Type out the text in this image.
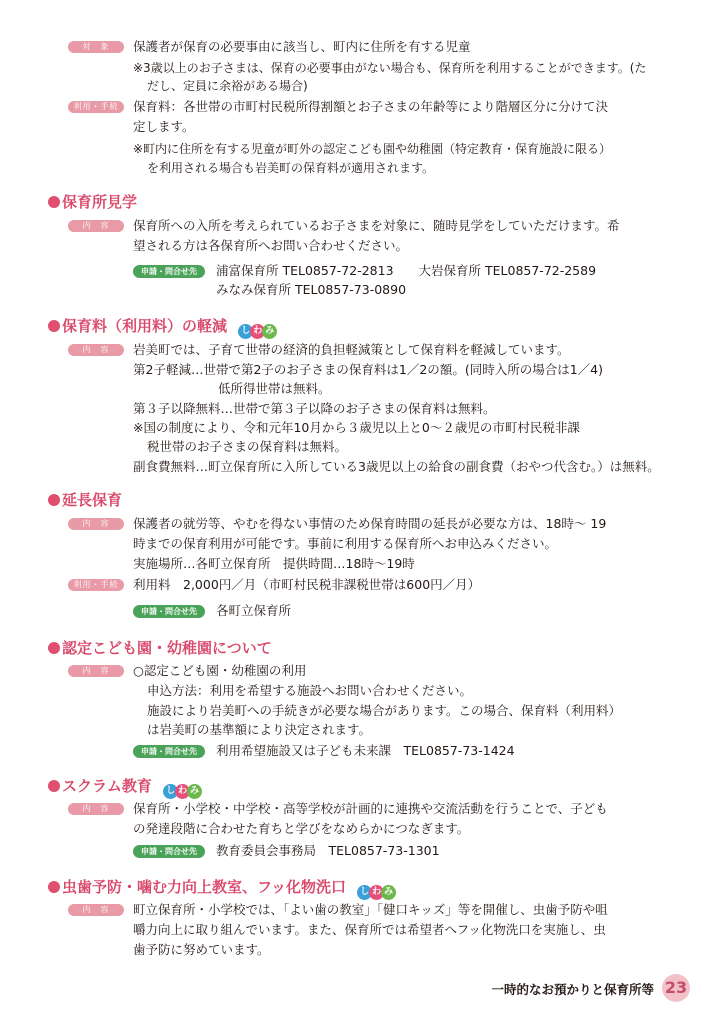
対　象	保護者が保育の必要事由に該当し、町内に住所を有する児童
※3歳以上のお子さまは、保育の必要事由がない場合も、保育所を利用することができます。(た
だし、定員に余裕がある場合)
利用・手続	保育料：各世帯の市町村民税所得割額とお子さまの年齢等により階層区分に分けて決
定します。
※町内に住所を有する児童が町外の認定こども園や幼稚園（特定教育・保育施設に限る）
を利用される場合も岩美町の保育料が適用されます。
保育所見学
内　容	保育所への入所を考えられているお子さまを対象に、随時見学をしていただけます。希
望される方は各保育所へお問い合わせください。
申請・問合せ先	浦富保育所 TEL0857-72-2813　　大岩保育所 TEL0857-72-2589
みなみ保育所 TEL0857-73-0890
保育料（利用料）の軽減 し わ み
内　容	岩美町では、子育て世帯の経済的負担軽減策として保育料を軽減しています。
第2子軽減…世帯で第2子のお子さまの保育料は1／2の額。(同時入所の場合は1／4)
低所得世帯は無料。
第３子以降無料…世帯で第３子以降のお子さまの保育料は無料。
※国の制度により、令和元年10月から３歳児以上と0～２歳児の市町村民税非課
税世帯のお子さまの保育料は無料。
副食費無料…町立保育所に入所している3歳児以上の給食の副食費（おやつ代含む。）は無料。
延長保育
内　容	保護者の就労等、やむを得ない事情のため保育時間の延長が必要な方は、18時～ 19
時までの保育利用が可能です。事前に利用する保育所へお申込みください。
実施場所…各町立保育所　提供時間…18時～19時
利用・手続	利用料　2,000円／月（市町村民税非課税世帯は600円／月）
申請・問合せ先	各町立保育所
認定こども園・幼稚園について
内　容	○認定こども園・幼稚園の利用
申込方法：利用を希望する施設へお問い合わせください。
施設により岩美町への手続きが必要な場合があります。この場合、保育料（利用料）
は岩美町の基準額により決定されます。
申請・問合せ先	利用希望施設又は子ども未来課　TEL0857-73-1424
スクラム教育 し わ み
内　容	保育所・小学校・中学校・高等学校が計画的に連携や交流活動を行うことで、子ども
の発達段階に合わせた育ちと学びをなめらかにつなぎます。
申請・問合せ先	教育委員会事務局　TEL0857-73-1301
虫歯予防・噛む力向上教室、フッ化物洗口 し わ み
内　容	町立保育所・小学校では、「よい歯の教室」「健口キッズ」等を開催し、虫歯予防や咀
嚼力向上に取り組んでいます。また、保育所では希望者へフッ化物洗口を実施し、虫
歯予防に努めています。
一時的なお預かりと保育所等 23
